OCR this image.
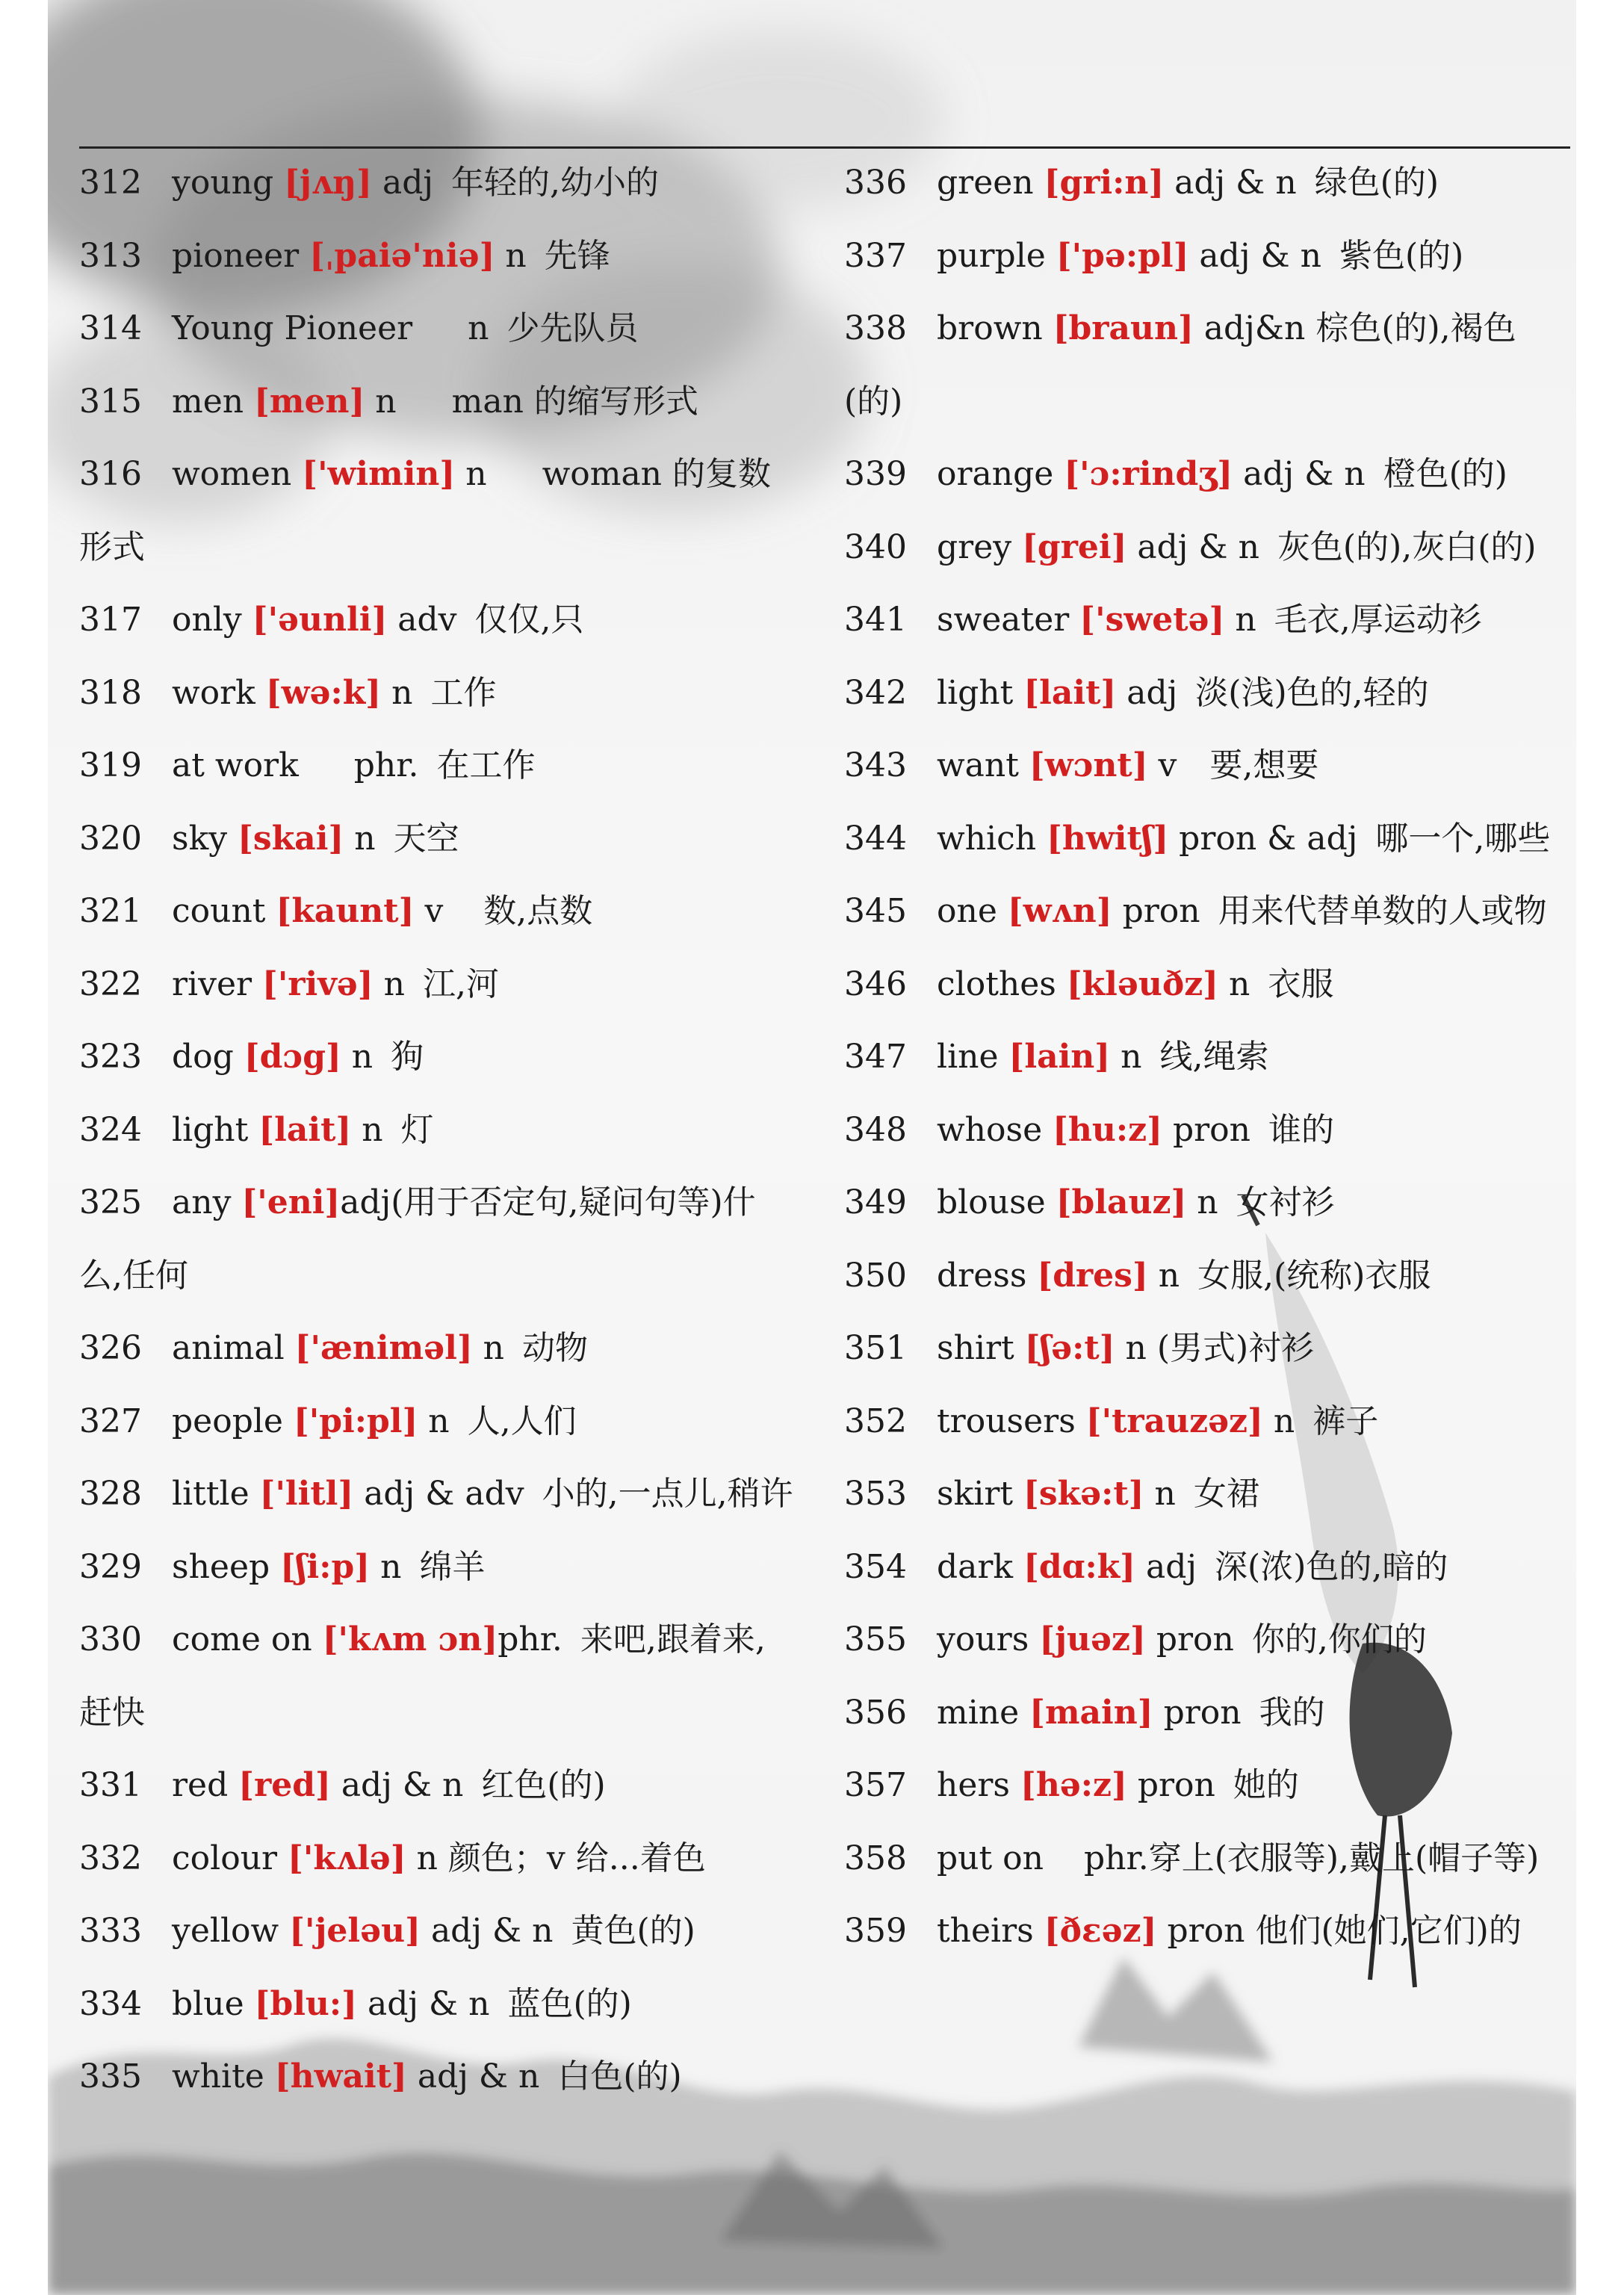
312 young [jʌŋ] adj 年轻的,幼小的
313 pioneer [ˌpaiə'niə] n 先锋
314 Young Pioneer n 少先队员
315 men [men] n man 的缩写形式
316 women ['wimin] n woman 的复数形式
317 only ['əunli] adv 仅仅,只
318 work [wə:k] n 工作
319 at work phr. 在工作
320 sky [skai] n 天空
321 count [kaunt] v 数,点数
322 river ['rivə] n 江,河
323 dog [dɔg] n 狗
324 light [lait] n 灯
325 any ['eni]adj(用于否定句,疑问句等)什么,任何
326 animal ['ænimәl] n 动物
327 people ['pi:pl] n 人,人们
328 little ['litl] adj & adv 小的,一点儿,稍许
329 sheep [ʃi:p] n 绵羊
330 come on ['kʌm ɔn]phr. 来吧,跟着来,赶快
331 red [red] adj & n 红色(的)
332 colour ['kʌlә] n 颜色；v 给...着色
333 yellow ['jeləu] adj & n 黄色(的)
334 blue [blu:] adj & n 蓝色(的)
335 white [hwait] adj & n 白色(的)
336 green [gri:n] adj & n 绿色(的)
337 purple ['pә:pl] adj & n 紫色(的)
338 brown [braun] adj&n 棕色(的),褐色(的)
339 orange ['ɔ:rindʒ] adj & n 橙色(的)
340 grey [grei] adj & n 灰色(的),灰白(的)
341 sweater ['swetə] n 毛衣,厚运动衫
342 light [lait] adj 淡(浅)色的,轻的
343 want [wɔnt] v 要,想要
344 which [hwitʃ] pron & adj 哪一个,哪些
345 one [wʌn] pron 用来代替单数的人或物
346 clothes [kləuðz] n 衣服
347 line [lain] n 线,绳索
348 whose [hu:z] pron 谁的
349 blouse [blauz] n 女衬衫
350 dress [dres] n 女服,(统称)衣服
351 shirt [ʃә:t] n (男式)衬衫
352 trousers ['trauzəz] n 裤子
353 skirt [skə:t] n 女裙
354 dark [dɑ:k] adj 深(浓)色的,暗的
355 yours [juəz] pron 你的,你们的
356 mine [main] pron 我的
357 hers [hә:z] pron 她的
358 put on phr.穿上(衣服等),戴上(帽子等)
359 theirs [ðεəz] pron 他们(她们,它们)的
